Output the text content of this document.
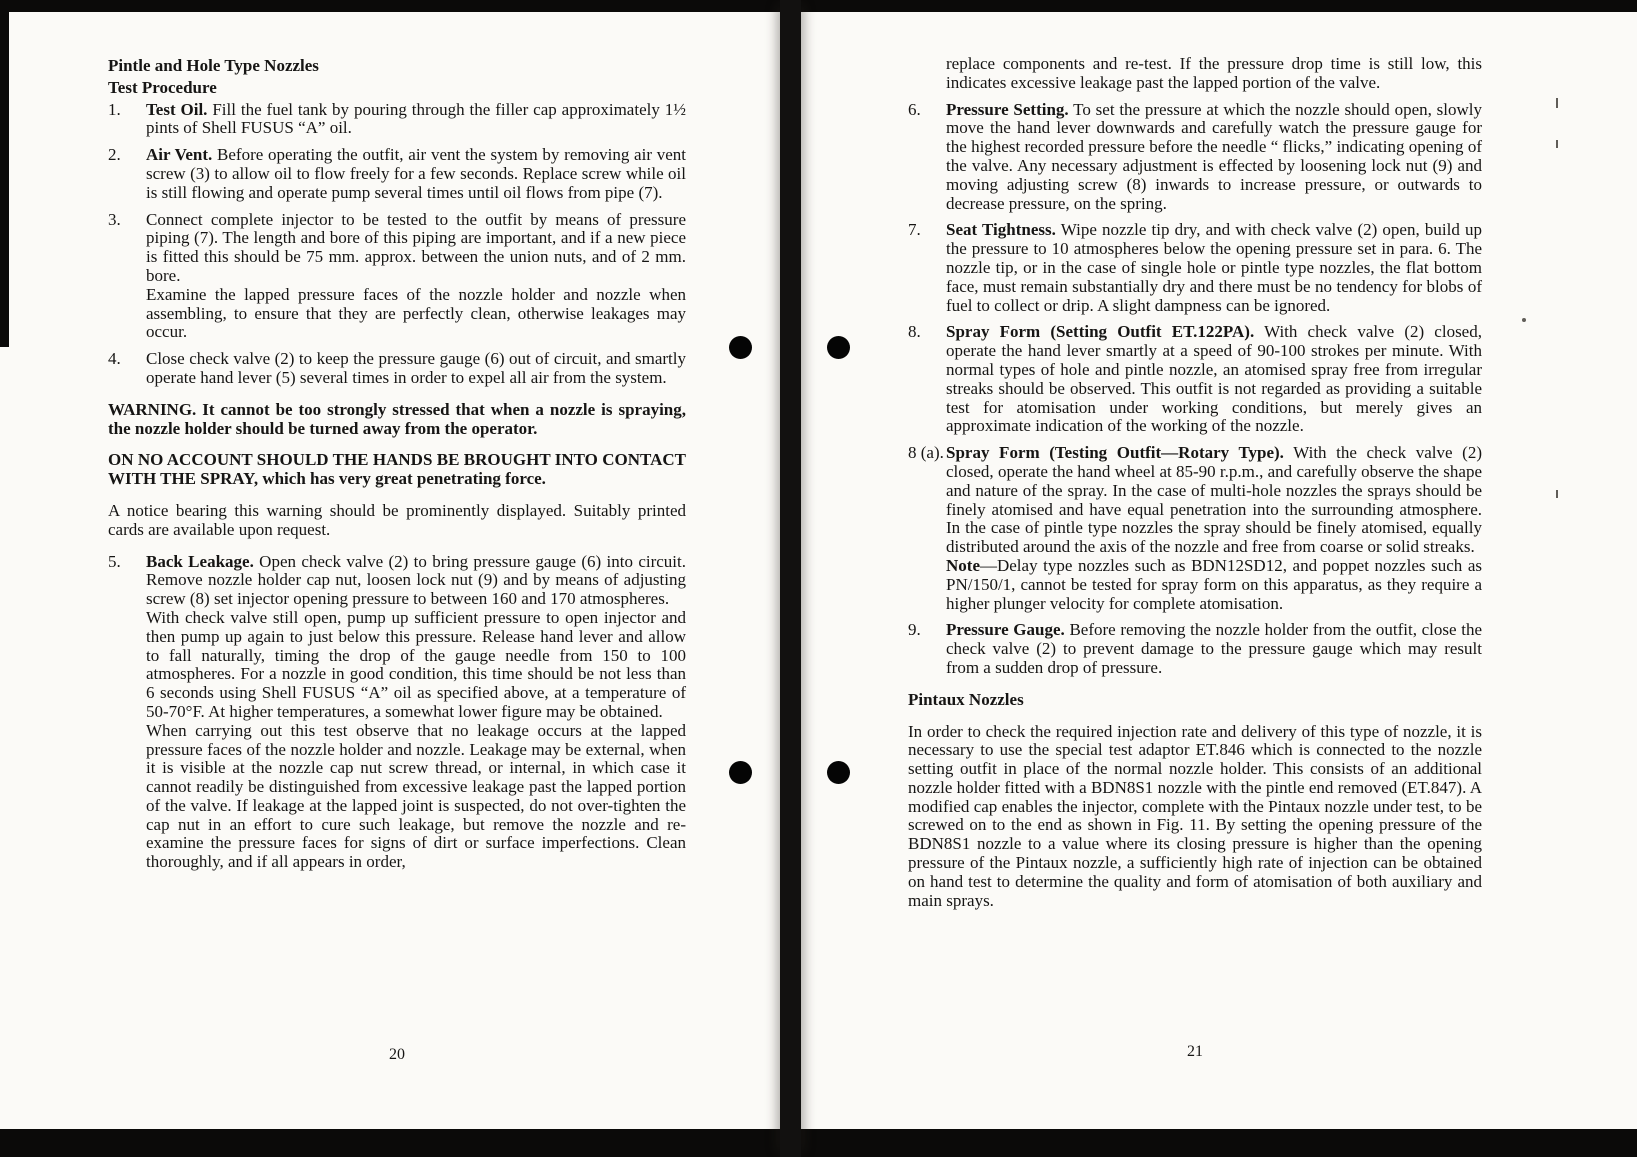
Pintle and Hole Type Nozzles

Test Procedure

1.	Test Oil. Fill the fuel tank by pouring through the filler cap approximately 1½ pints of Shell FUSUS “A” oil.

2.	Air Vent. Before operating the outfit, air vent the system by removing air vent screw (3) to allow oil to flow freely for a few seconds. Replace screw while oil is still flowing and operate pump several times until oil flows from pipe (7).

3.	Connect complete injector to be tested to the outfit by means of pressure piping (7). The length and bore of this piping are important, and if a new piece is fitted this should be 75 mm. approx. between the union nuts, and of 2 mm. bore.

Examine the lapped pressure faces of the nozzle holder and nozzle when assembling, to ensure that they are perfectly clean, otherwise leakages may occur.

4.	Close check valve (2) to keep the pressure gauge (6) out of circuit, and smartly operate hand lever (5) several times in order to expel all air from the system.

WARNING. It cannot be too strongly stressed that when a nozzle is spraying, the nozzle holder should be turned away from the operator.

ON NO ACCOUNT SHOULD THE HANDS BE BROUGHT INTO CONTACT WITH THE SPRAY, which has very great penetrating force.

A notice bearing this warning should be prominently displayed. Suitably printed cards are available upon request.

5.	Back Leakage. Open check valve (2) to bring pressure gauge (6) into circuit. Remove nozzle holder cap nut, loosen lock nut (9) and by means of adjusting screw (8) set injector opening pressure to between 160 and 170 atmospheres.

With check valve still open, pump up sufficient pressure to open injector and then pump up again to just below this pressure. Release hand lever and allow to fall naturally, timing the drop of the gauge needle from 150 to 100 atmospheres. For a nozzle in good condition, this time should be not less than 6 seconds using Shell FUSUS “A” oil as specified above, at a temperature of 50-70°F. At higher temperatures, a somewhat lower figure may be obtained.

When carrying out this test observe that no leakage occurs at the lapped pressure faces of the nozzle holder and nozzle. Leakage may be external, when it is visible at the nozzle cap nut screw thread, or internal, in which case it cannot readily be distinguished from excessive leakage past the lapped portion of the valve. If leakage at the lapped joint is suspected, do not over-tighten the cap nut in an effort to cure such leakage, but remove the nozzle and re-examine the pressure faces for signs of dirt or surface imperfections. Clean thoroughly, and if all appears in order,

replace components and re-test. If the pressure drop time is still low, this indicates excessive leakage past the lapped portion of the valve.

6.	Pressure Setting. To set the pressure at which the nozzle should open, slowly move the hand lever downwards and carefully watch the pressure gauge for the highest recorded pressure before the needle “ flicks,” indicating opening of the valve. Any necessary adjustment is effected by loosening lock nut (9) and moving adjusting screw (8) inwards to increase pressure, or outwards to decrease pressure, on the spring.

7.	Seat Tightness. Wipe nozzle tip dry, and with check valve (2) open, build up the pressure to 10 atmospheres below the opening pressure set in para. 6. The nozzle tip, or in the case of single hole or pintle type nozzles, the flat bottom face, must remain substantially dry and there must be no tendency for blobs of fuel to collect or drip. A slight dampness can be ignored.

8.	Spray Form (Setting Outfit ET.122PA). With check valve (2) closed, operate the hand lever smartly at a speed of 90-100 strokes per minute. With normal types of hole and pintle nozzle, an atomised spray free from irregular streaks should be observed. This outfit is not regarded as providing a suitable test for atomisation under working conditions, but merely gives an approximate indication of the working of the nozzle.

8 (a). Spray Form (Testing Outfit—Rotary Type). With the check valve (2) closed, operate the hand wheel at 85-90 r.p.m., and carefully observe the shape and nature of the spray. In the case of multi-hole nozzles the sprays should be finely atomised and have equal penetration into the surrounding atmosphere. In the case of pintle type nozzles the spray should be finely atomised, equally distributed around the axis of the nozzle and free from coarse or solid streaks.

Note—Delay type nozzles such as BDN12SD12, and poppet nozzles such as PN/150/1, cannot be tested for spray form on this apparatus, as they require a higher plunger velocity for complete atomisation.

9.	Pressure Gauge. Before removing the nozzle holder from the outfit, close the check valve (2) to prevent damage to the pressure gauge which may result from a sudden drop of pressure.

Pintaux Nozzles

In order to check the required injection rate and delivery of this type of nozzle, it is necessary to use the special test adaptor ET.846 which is connected to the nozzle setting outfit in place of the normal nozzle holder. This consists of an additional nozzle holder fitted with a BDN8S1 nozzle with the pintle end removed (ET.847). A modified cap enables the injector, complete with the Pintaux nozzle under test, to be screwed on to the end as shown in Fig. 11. By setting the opening pressure of the BDN8S1 nozzle to a value where its closing pressure is higher than the opening pressure of the Pintaux nozzle, a sufficiently high rate of injection can be obtained on hand test to determine the quality and form of atomisation of both auxiliary and main sprays.

20	21
